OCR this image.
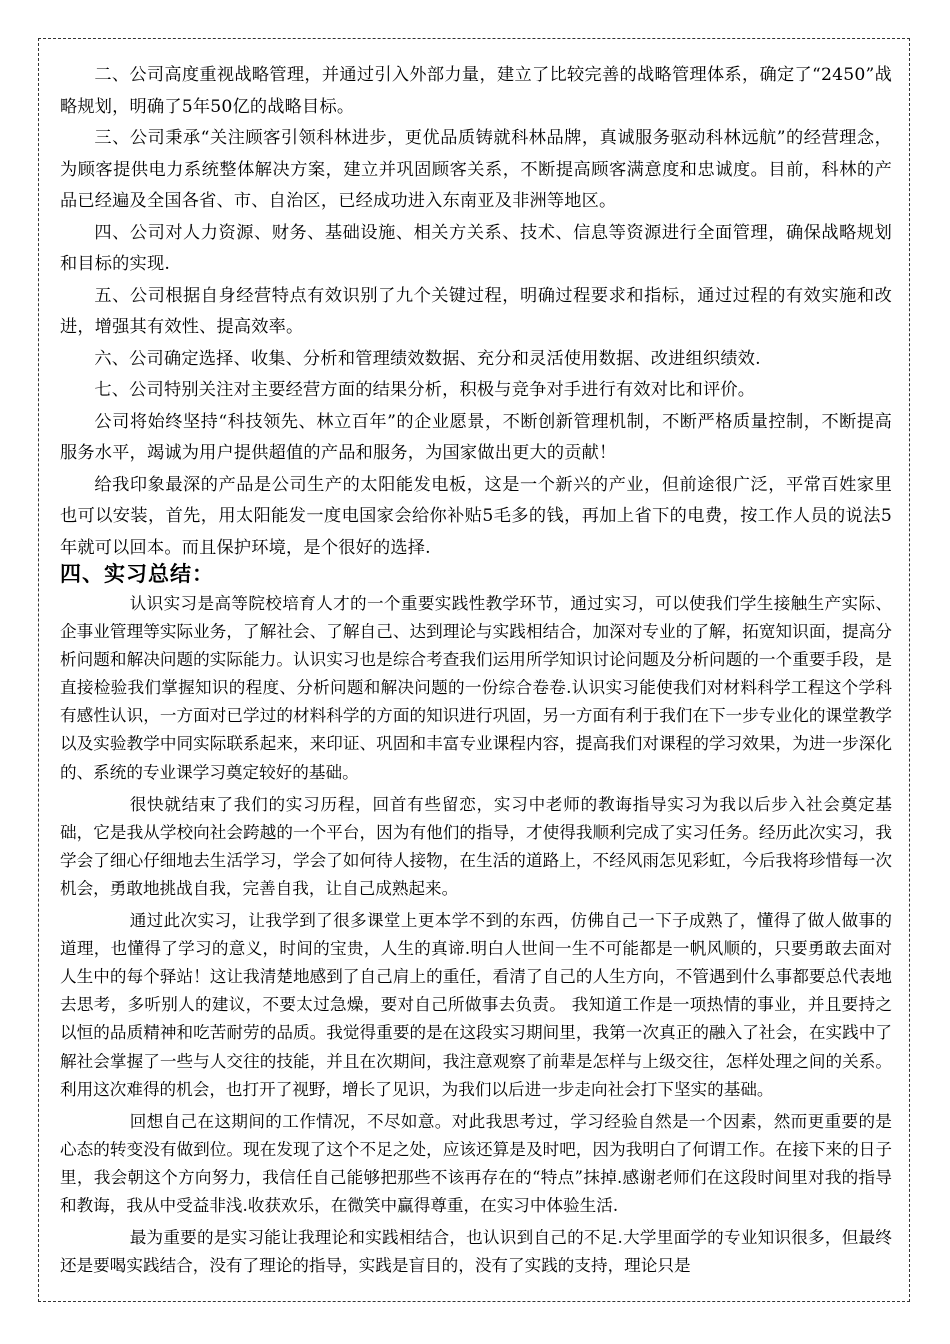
二、公司高度重视战略管理，并通过引入外部力量，建立了比较完善的战略管理体系，确定了“2450”战略规划，明确了5年50亿的战略目标。

三、公司秉承“关注顾客引领科林进步，更优品质铸就科林品牌，真诚服务驱动科林远航”的经营理念，为顾客提供电力系统整体解决方案，建立并巩固顾客关系，不断提高顾客满意度和忠诚度。目前，科林的产品已经遍及全国各省、市、自治区，已经成功进入东南亚及非洲等地区。

四、公司对人力资源、财务、基础设施、相关方关系、技术、信息等资源进行全面管理，确保战略规划和目标的实现.

五、公司根据自身经营特点有效识别了九个关键过程，明确过程要求和指标，通过过程的有效实施和改进，增强其有效性、提高效率。

六、公司确定选择、收集、分析和管理绩效数据、充分和灵活使用数据、改进组织绩效.

七、公司特别关注对主要经营方面的结果分析，积极与竞争对手进行有效对比和评价。

公司将始终坚持“科技领先、林立百年”的企业愿景，不断创新管理机制，不断严格质量控制，不断提高服务水平，竭诚为用户提供超值的产品和服务，为国家做出更大的贡献！

给我印象最深的产品是公司生产的太阳能发电板，这是一个新兴的产业，但前途很广泛，平常百姓家里也可以安装，首先，用太阳能发一度电国家会给你补贴5毛多的钱，再加上省下的电费，按工作人员的说法5年就可以回本。而且保护环境，是个很好的选择.

四、实习总结：

认识实习是高等院校培育人才的一个重要实践性教学环节，通过实习，可以使我们学生接触生产实际、企事业管理等实际业务，了解社会、了解自己、达到理论与实践相结合，加深对专业的了解，拓宽知识面，提高分析问题和解决问题的实际能力。认识实习也是综合考查我们运用所学知识讨论问题及分析问题的一个重要手段，是直接检验我们掌握知识的程度、分析问题和解决问题的一份综合卷卷.认识实习能使我们对材料科学工程这个学科有感性认识，一方面对已学过的材料科学的方面的知识进行巩固，另一方面有利于我们在下一步专业化的课堂教学以及实验教学中同实际联系起来，来印证、巩固和丰富专业课程内容，提高我们对课程的学习效果，为进一步深化的、系统的专业课学习奠定较好的基础。

很快就结束了我们的实习历程，回首有些留恋，实习中老师的教诲指导实习为我以后步入社会奠定基础，它是我从学校向社会跨越的一个平台，因为有他们的指导，才使得我顺利完成了实习任务。经历此次实习，我学会了细心仔细地去生活学习，学会了如何待人接物，在生活的道路上，不经风雨怎见彩虹，今后我将珍惜每一次机会，勇敢地挑战自我，完善自我，让自己成熟起来。

通过此次实习，让我学到了很多课堂上更本学不到的东西，仿佛自己一下子成熟了，懂得了做人做事的道理，也懂得了学习的意义，时间的宝贵，人生的真谛.明白人世间一生不可能都是一帆风顺的，只要勇敢去面对人生中的每个驿站！这让我清楚地感到了自己肩上的重任，看清了自己的人生方向，不管遇到什么事都要总代表地去思考，多听别人的建议，不要太过急燥，要对自己所做事去负责。 我知道工作是一项热情的事业，并且要持之以恒的品质精神和吃苦耐劳的品质。我觉得重要的是在这段实习期间里，我第一次真正的融入了社会，在实践中了解社会掌握了一些与人交往的技能，并且在次期间，我注意观察了前辈是怎样与上级交往，怎样处理之间的关系。利用这次难得的机会，也打开了视野，增长了见识，为我们以后进一步走向社会打下坚实的基础。

回想自己在这期间的工作情况，不尽如意。对此我思考过，学习经验自然是一个因素，然而更重要的是心态的转变没有做到位。现在发现了这个不足之处，应该还算是及时吧，因为我明白了何谓工作。在接下来的日子里，我会朝这个方向努力，我信任自己能够把那些不该再存在的“特点”抹掉.感谢老师们在这段时间里对我的指导和教诲，我从中受益非浅.收获欢乐，在微笑中赢得尊重，在实习中体验生活.

最为重要的是实习能让我理论和实践相结合，也认识到自己的不足.大学里面学的专业知识很多，但最终还是要喝实践结合，没有了理论的指导，实践是盲目的，没有了实践的支持，理论只是
